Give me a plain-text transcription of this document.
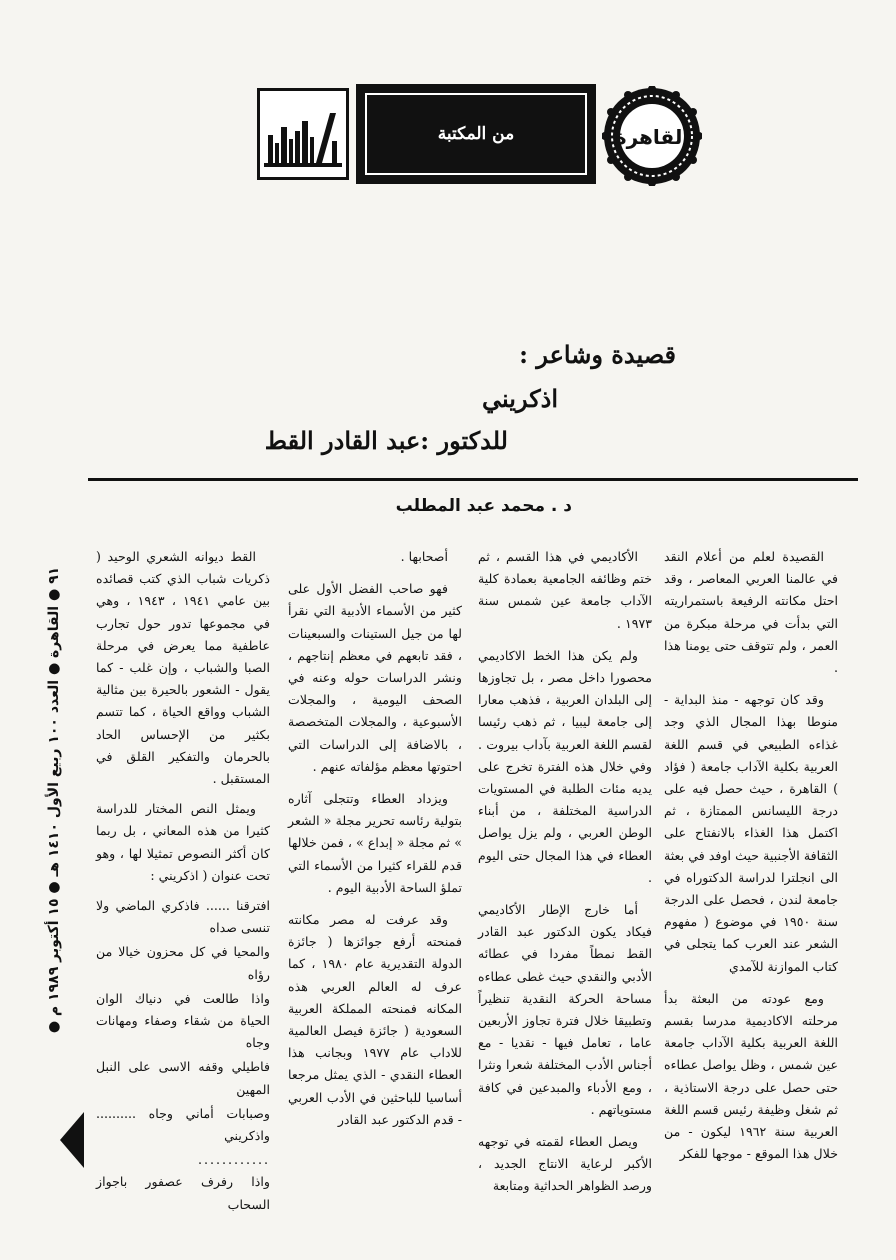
القاهرة
من المكتبة
قصيدة وشاعر :
اذكريني
للدكتور :عبد القادر القط
د . محمد عبد المطلب

القصيدة لعلم من أعلام النقد في عالمنا العربي المعاصر ، وقد احتل مكانته الرفيعة باستمراريته التي بدأت في مرحلة مبكرة من العمر ، ولم تتوقف حتى يومنا هذا .

وقد كان توجهه - منذ البداية - منوطا بهذا المجال الذي وجد غذاءه الطبيعي في قسم اللغة العربية بكلية الآداب جامعة ( فؤاد ) القاهرة ، حيث حصل فيه على درجة الليسانس الممتازة ، ثم اكتمل هذا الغذاء بالانفتاح على الثقافة الأجنبية حيث اوفد في بعثة الى انجلترا لدراسة الدكتوراه في جامعة لندن ، فحصل على الدرجة سنة ١٩٥٠ في موضوع ( مفهوم الشعر عند العرب كما يتجلى في كتاب الموازنة للآمدي

ومع عودته من البعثة بدأ مرحلته الاكاديمية مدرسا بقسم اللغة العربية بكلية الآداب جامعة عين شمس ، وظل يواصل عطاءه حتى حصل على درجة الاستاذية ، ثم شغل وظيفة رئيس قسم اللغة العربية سنة ١٩٦٢ ليكون - من خلال هذا الموقع - موجها للفكر

الأكاديمي في هذا القسم ، ثم ختم وظائفه الجامعية بعمادة كلية الآداب جامعة عين شمس سنة ١٩٧٣ .

ولم يكن هذا الخط الاكاديمي محصورا داخل مصر ، بل تجاوزها إلى البلدان العربية ، فذهب معارا إلى جامعة ليبيا ، ثم ذهب رئيسا لقسم اللغة العربية بآداب بيروت . وفي خلال هذه الفترة تخرج على يديه مئات الطلبة في المستويات الدراسية المختلفة ، من أبناء الوطن العربي ، ولم يزل يواصل العطاء في هذا المجال حتى اليوم .

أما خارج الإطار الأكاديمي فيكاد يكون الدكتور عبد القادر القط نمطاً مفردا في عطائه الأدبي والنقدي حيث غطى عطاءه مساحة الحركة النقدية تنظيراً وتطبيقا خلال فترة تجاوز الأربعين عاما ، تعامل فيها - نقديا - مع أجناس الأدب المختلفة شعرا ونثرا ، ومع الأدباء والمبدعين في كافة مستوياتهم .

ويصل العطاء لقمته في توجهه الأكبر لرعاية الانتاج الجديد ، ورصد الظواهر الحداثية ومتابعة

أصحابها .

فهو صاحب الفضل الأول على كثير من الأسماء الأدبية التي نقرأ لها من جيل الستينات والسبعينات ، فقد تابعهم في معظم إنتاجهم ، ونشر الدراسات حوله وعنه في الصحف اليومية ، والمجلات الأسبوعية ، والمجلات المتخصصة ، بالاضافة إلى الدراسات التي احتوتها معظم مؤلفاته عنهم .

ويزداد العطاء وتتجلى آثاره بتولية رئاسه تحرير مجلة « الشعر » ثم مجلة « إبداع » ، فمن خلالها قدم للقراء كثيرا من الأسماء التي تملؤ الساحة الأدبية اليوم .

وقد عرفت له مصر مكانته فمنحته أرفع جوائزها ( جائزة الدولة التقديرية عام ١٩٨٠ ، كما عرف له العالم العربي هذه المكانه فمنحته المملكة العربية السعودية ( جائزة فيصل العالمية للاداب عام ١٩٧٧ وبجانب هذا العطاء النقدي - الذي يمثل مرجعا أساسيا للباحثين في الأدب العربي - قدم الدكتور عبد القادر

القط ديوانه الشعري الوحيد ( ذكريات شباب الذي كتب قصائده بين عامي ١٩٤١ ، ١٩٤٣ ، وهي في مجموعها تدور حول تجارب عاطفية مما يعرض في مرحلة الصبا والشباب ، وإن غلب - كما يقول - الشعور بالحيرة بين مثالية الشباب وواقع الحياة ، كما تتسم بكثير من الإحساس الحاد بالحرمان والتفكير القلق في المستقبل .

ويمثل النص المختار للدراسة كثيرا من هذه المعاني ، بل ربما كان أكثر النصوص تمثيلا لها ، وهو تحت عنوان ( اذكريني :

افترقنا ...... فاذكري الماضي ولا تنسى صداه
والمحيا في كل محزون خيالا من رؤاه
واذا طالعت في دنياك الوان الحياة من شقاء وصفاء ومهانات وجاه
فاطيلي وقفه الاسى على النبل المهين
وصبابات أماني وجاه .......... واذكريني
............
واذا رفرف عصفور باجواز السحاب
٩١ ● القاهرة ● العدد ١٠٠ ربيع الأول ١٤١٠ هـ ● ١٥ أكتوبر ١٩٨٩ م ●
